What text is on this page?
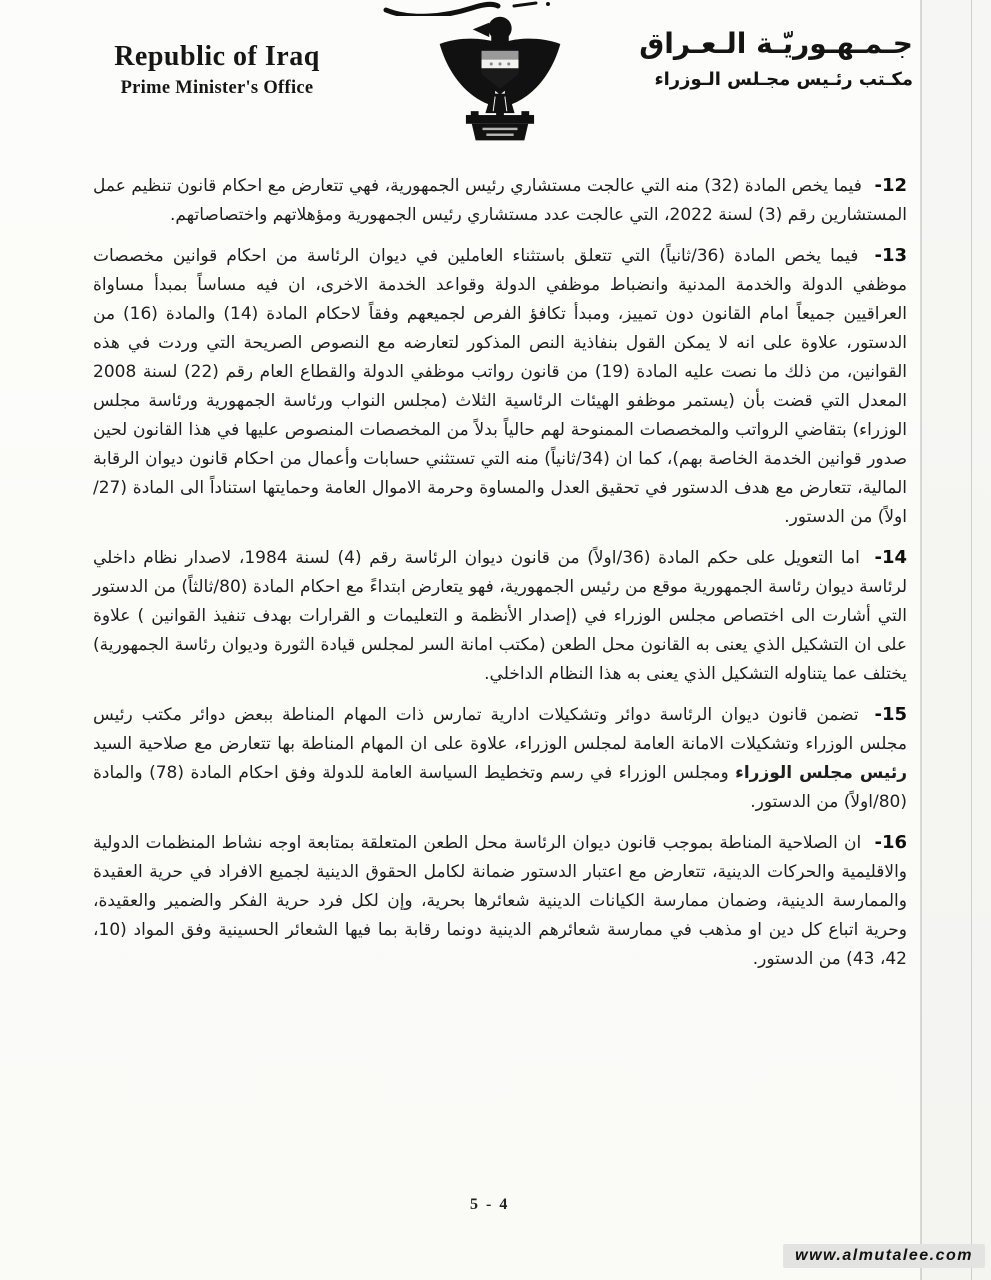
Republic of Iraq
Prime Minister's Office
جـمـهـوريّـة الـعـراق
مكـتب رئـيس مجـلس الـوزراء
12- فيما يخص المادة (32) منه التي عالجت مستشاري رئيس الجمهورية، فهي تتعارض مع احكام قانون تنظيم عمل المستشارين رقم (3) لسنة 2022، التي عالجت عدد مستشاري رئيس الجمهورية ومؤهلاتهم واختصاصاتهم.
13- فيما يخص المادة (36/ثانياً) التي تتعلق باستثناء العاملين في ديوان الرئاسة من احكام قوانين مخصصات موظفي الدولة والخدمة المدنية وانضباط موظفي الدولة وقواعد الخدمة الاخرى، ان فيه مساساً بمبدأ مساواة العراقيين جميعاً امام القانون دون تمييز، ومبدأ تكافؤ الفرص لجميعهم وفقاً لاحكام المادة (14) والمادة (16) من الدستور، علاوة على انه لا يمكن القول بنفاذية النص المذكور لتعارضه مع النصوص الصريحة التي وردت في هذه القوانين، من ذلك ما نصت عليه المادة (19) من قانون رواتب موظفي الدولة والقطاع العام رقم (22) لسنة 2008 المعدل التي قضت بأن (يستمر موظفو الهيئات الرئاسية الثلاث (مجلس النواب ورئاسة الجمهورية ورئاسة مجلس الوزراء) بتقاضي الرواتب والمخصصات الممنوحة لهم حالياً بدلاً من المخصصات المنصوص عليها في هذا القانون لحين صدور قوانين الخدمة الخاصة بهم)، كما ان (34/ثانياً) منه التي تستثني حسابات وأعمال من احكام قانون ديوان الرقابة المالية، تتعارض مع هدف الدستور في تحقيق العدل والمساوة وحرمة الاموال العامة وحمايتها استناداً الى المادة (27/اولاً) من الدستور.
14- اما التعويل على حكم المادة (36/اولاً) من قانون ديوان الرئاسة رقم (4) لسنة 1984، لاصدار نظام داخلي لرئاسة ديوان رئاسة الجمهورية موقع من رئيس الجمهورية، فهو يتعارض ابتداءً مع احكام المادة (80/ثالثاً) من الدستور التي أشارت الى اختصاص مجلس الوزراء في (إصدار الأنظمة و التعليمات و القرارات بهدف تنفيذ القوانين ) علاوة على ان التشكيل الذي يعنى به القانون محل الطعن (مكتب امانة السر لمجلس قيادة الثورة وديوان رئاسة الجمهورية) يختلف عما يتناوله التشكيل الذي يعنى به هذا النظام الداخلي.
15- تضمن قانون ديوان الرئاسة دوائر وتشكيلات ادارية تمارس ذات المهام المناطة ببعض دوائر مكتب رئيس مجلس الوزراء وتشكيلات الامانة العامة لمجلس الوزراء، علاوة على ان المهام المناطة بها تتعارض مع صلاحية السيد رئيس مجلس الوزراء ومجلس الوزراء في رسم وتخطيط السياسة العامة للدولة وفق احكام المادة (78) والمادة (80/اولاً) من الدستور.
16- ان الصلاحية المناطة بموجب قانون ديوان الرئاسة محل الطعن المتعلقة بمتابعة اوجه نشاط المنظمات الدولية والاقليمية والحركات الدينية، تتعارض مع اعتبار الدستور ضمانة لكامل الحقوق الدينية لجميع الافراد في حرية العقيدة والممارسة الدينية، وضمان ممارسة الكيانات الدينية شعائرها بحرية، وإن لكل فرد حرية الفكر والضمير والعقيدة، وحرية اتباع كل دين او مذهب في ممارسة شعائرهم الدينية دونما رقابة بما فيها الشعائر الحسينية وفق المواد (10، 42، 43) من الدستور.
5 - 4
www.almutalee.com
